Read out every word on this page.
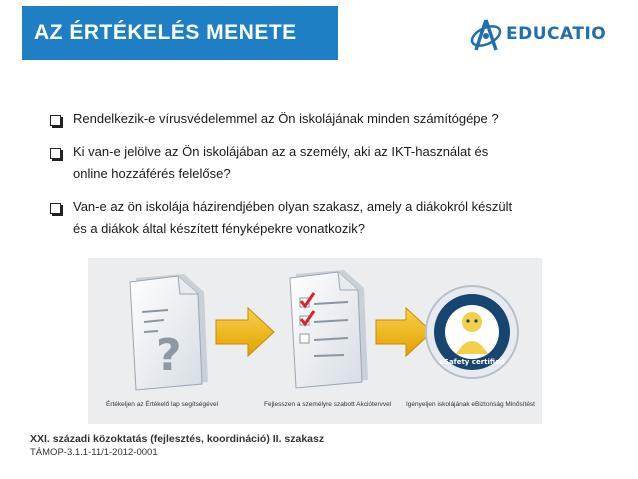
AZ ÉRTÉKELÉS MENETE	EDUCATIO
Rendelkezik-e vírusvédelemmel az Ön iskolájának minden számítógépe ?
Ki van-e jelölve az Ön iskolájában az a személy, aki az IKT-használat és
online hozzáférés felelőse?
Van-e az ön iskolája házirendjében olyan szakasz, amely a diákokról készült
és a diákok által készített fényképekre vonatkozik?
?	eSafety certified
Értékeljen az Értékelő lap segítségével	Fejlesszen a személyre szabott Akciótervvel Igényeljen iskolájának eBiztonság Minősítést
XXI. századi közoktatás (fejlesztés, koordináció) II. szakasz
TÁMOP-3.1.1-11/1-2012-0001
